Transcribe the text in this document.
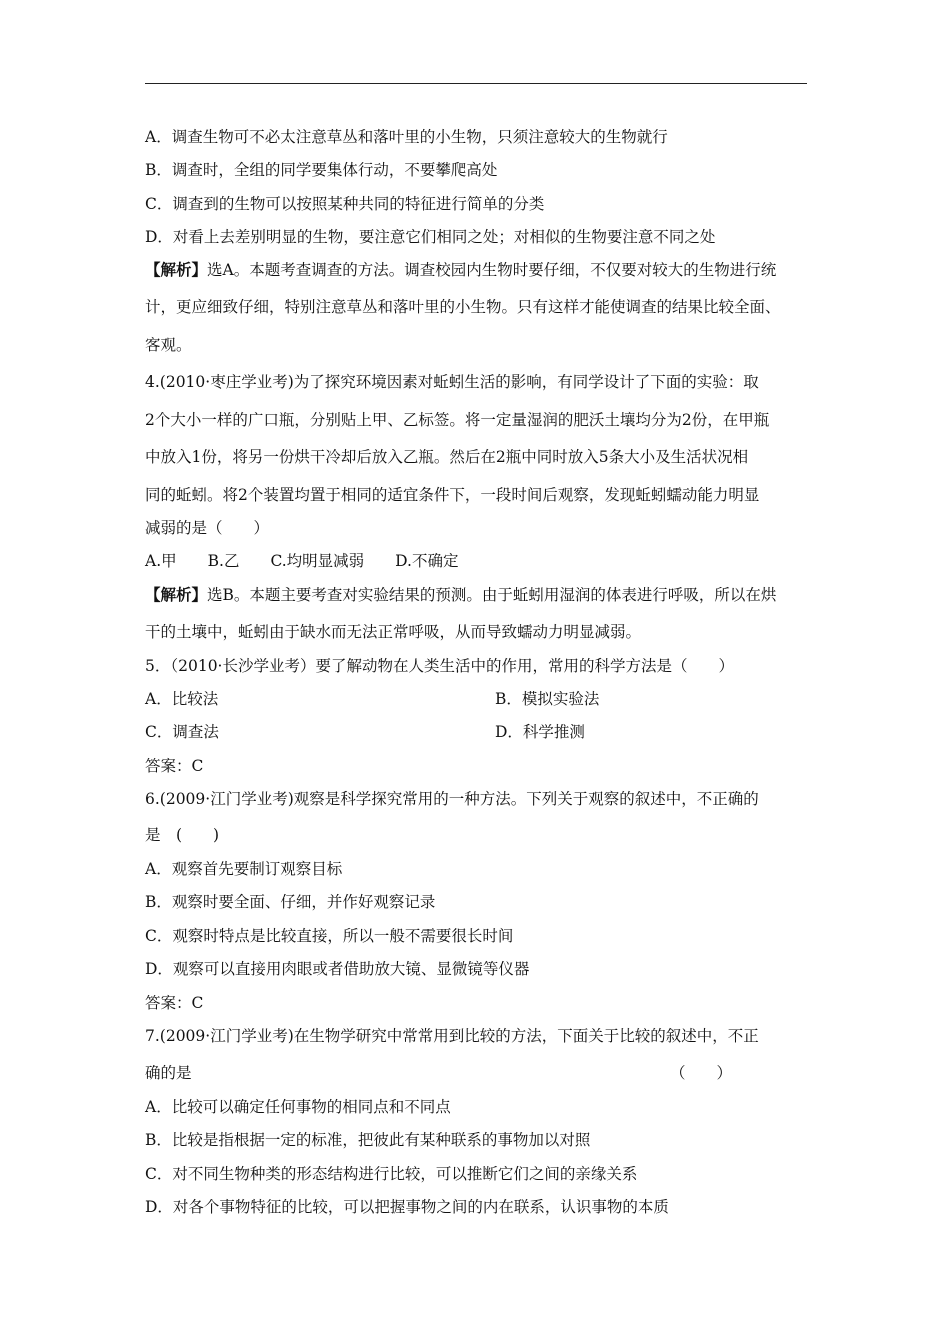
A．调查生物可不必太注意草丛和落叶里的小生物，只须注意较大的生物就行
B．调查时，全组的同学要集体行动，不要攀爬高处
C．调查到的生物可以按照某种共同的特征进行简单的分类
D．对看上去差别明显的生物，要注意它们相同之处；对相似的生物要注意不同之处
【解析】选A。本题考查调查的方法。调查校园内生物时要仔细，不仅要对较大的生物进行统
计，更应细致仔细，特别注意草丛和落叶里的小生物。只有这样才能使调查的结果比较全面、
客观。
4.(2010·枣庄学业考)为了探究环境因素对蚯蚓生活的影响，有同学设计了下面的实验：取
2个大小一样的广口瓶，分别贴上甲、乙标签。将一定量湿润的肥沃土壤均分为2份，在甲瓶
中放入1份，将另一份烘干冷却后放入乙瓶。然后在2瓶中同时放入5条大小及生活状况相
同的蚯蚓。将2个装置均置于相同的适宜条件下，一段时间后观察，发现蚯蚓蠕动能力明显
减弱的是（　　）
A.甲　　B.乙　　C.均明显减弱　　D.不确定
【解析】选B。本题主要考查对实验结果的预测。由于蚯蚓用湿润的体表进行呼吸，所以在烘
干的土壤中，蚯蚓由于缺水而无法正常呼吸，从而导致蠕动力明显减弱。
5．（2010·长沙学业考）要了解动物在人类生活中的作用，常用的科学方法是（　　）
A．比较法	B．模拟实验法
C．调查法	D．科学推测
答案：C
6.(2009·江门学业考)观察是科学探究常用的一种方法。下列关于观察的叙述中，不正确的
是　(　　)
A．观察首先要制订观察目标
B．观察时要全面、仔细，并作好观察记录
C．观察时特点是比较直接，所以一般不需要很长时间
D．观察可以直接用肉眼或者借助放大镜、显微镜等仪器
答案：C
7.(2009·江门学业考)在生物学研究中常常用到比较的方法，下面关于比较的叙述中，不正
确的是	（　　）
A．比较可以确定任何事物的相同点和不同点
B．比较是指根据一定的标准，把彼此有某种联系的事物加以对照
C．对不同生物种类的形态结构进行比较，可以推断它们之间的亲缘关系
D．对各个事物特征的比较，可以把握事物之间的内在联系，认识事物的本质
